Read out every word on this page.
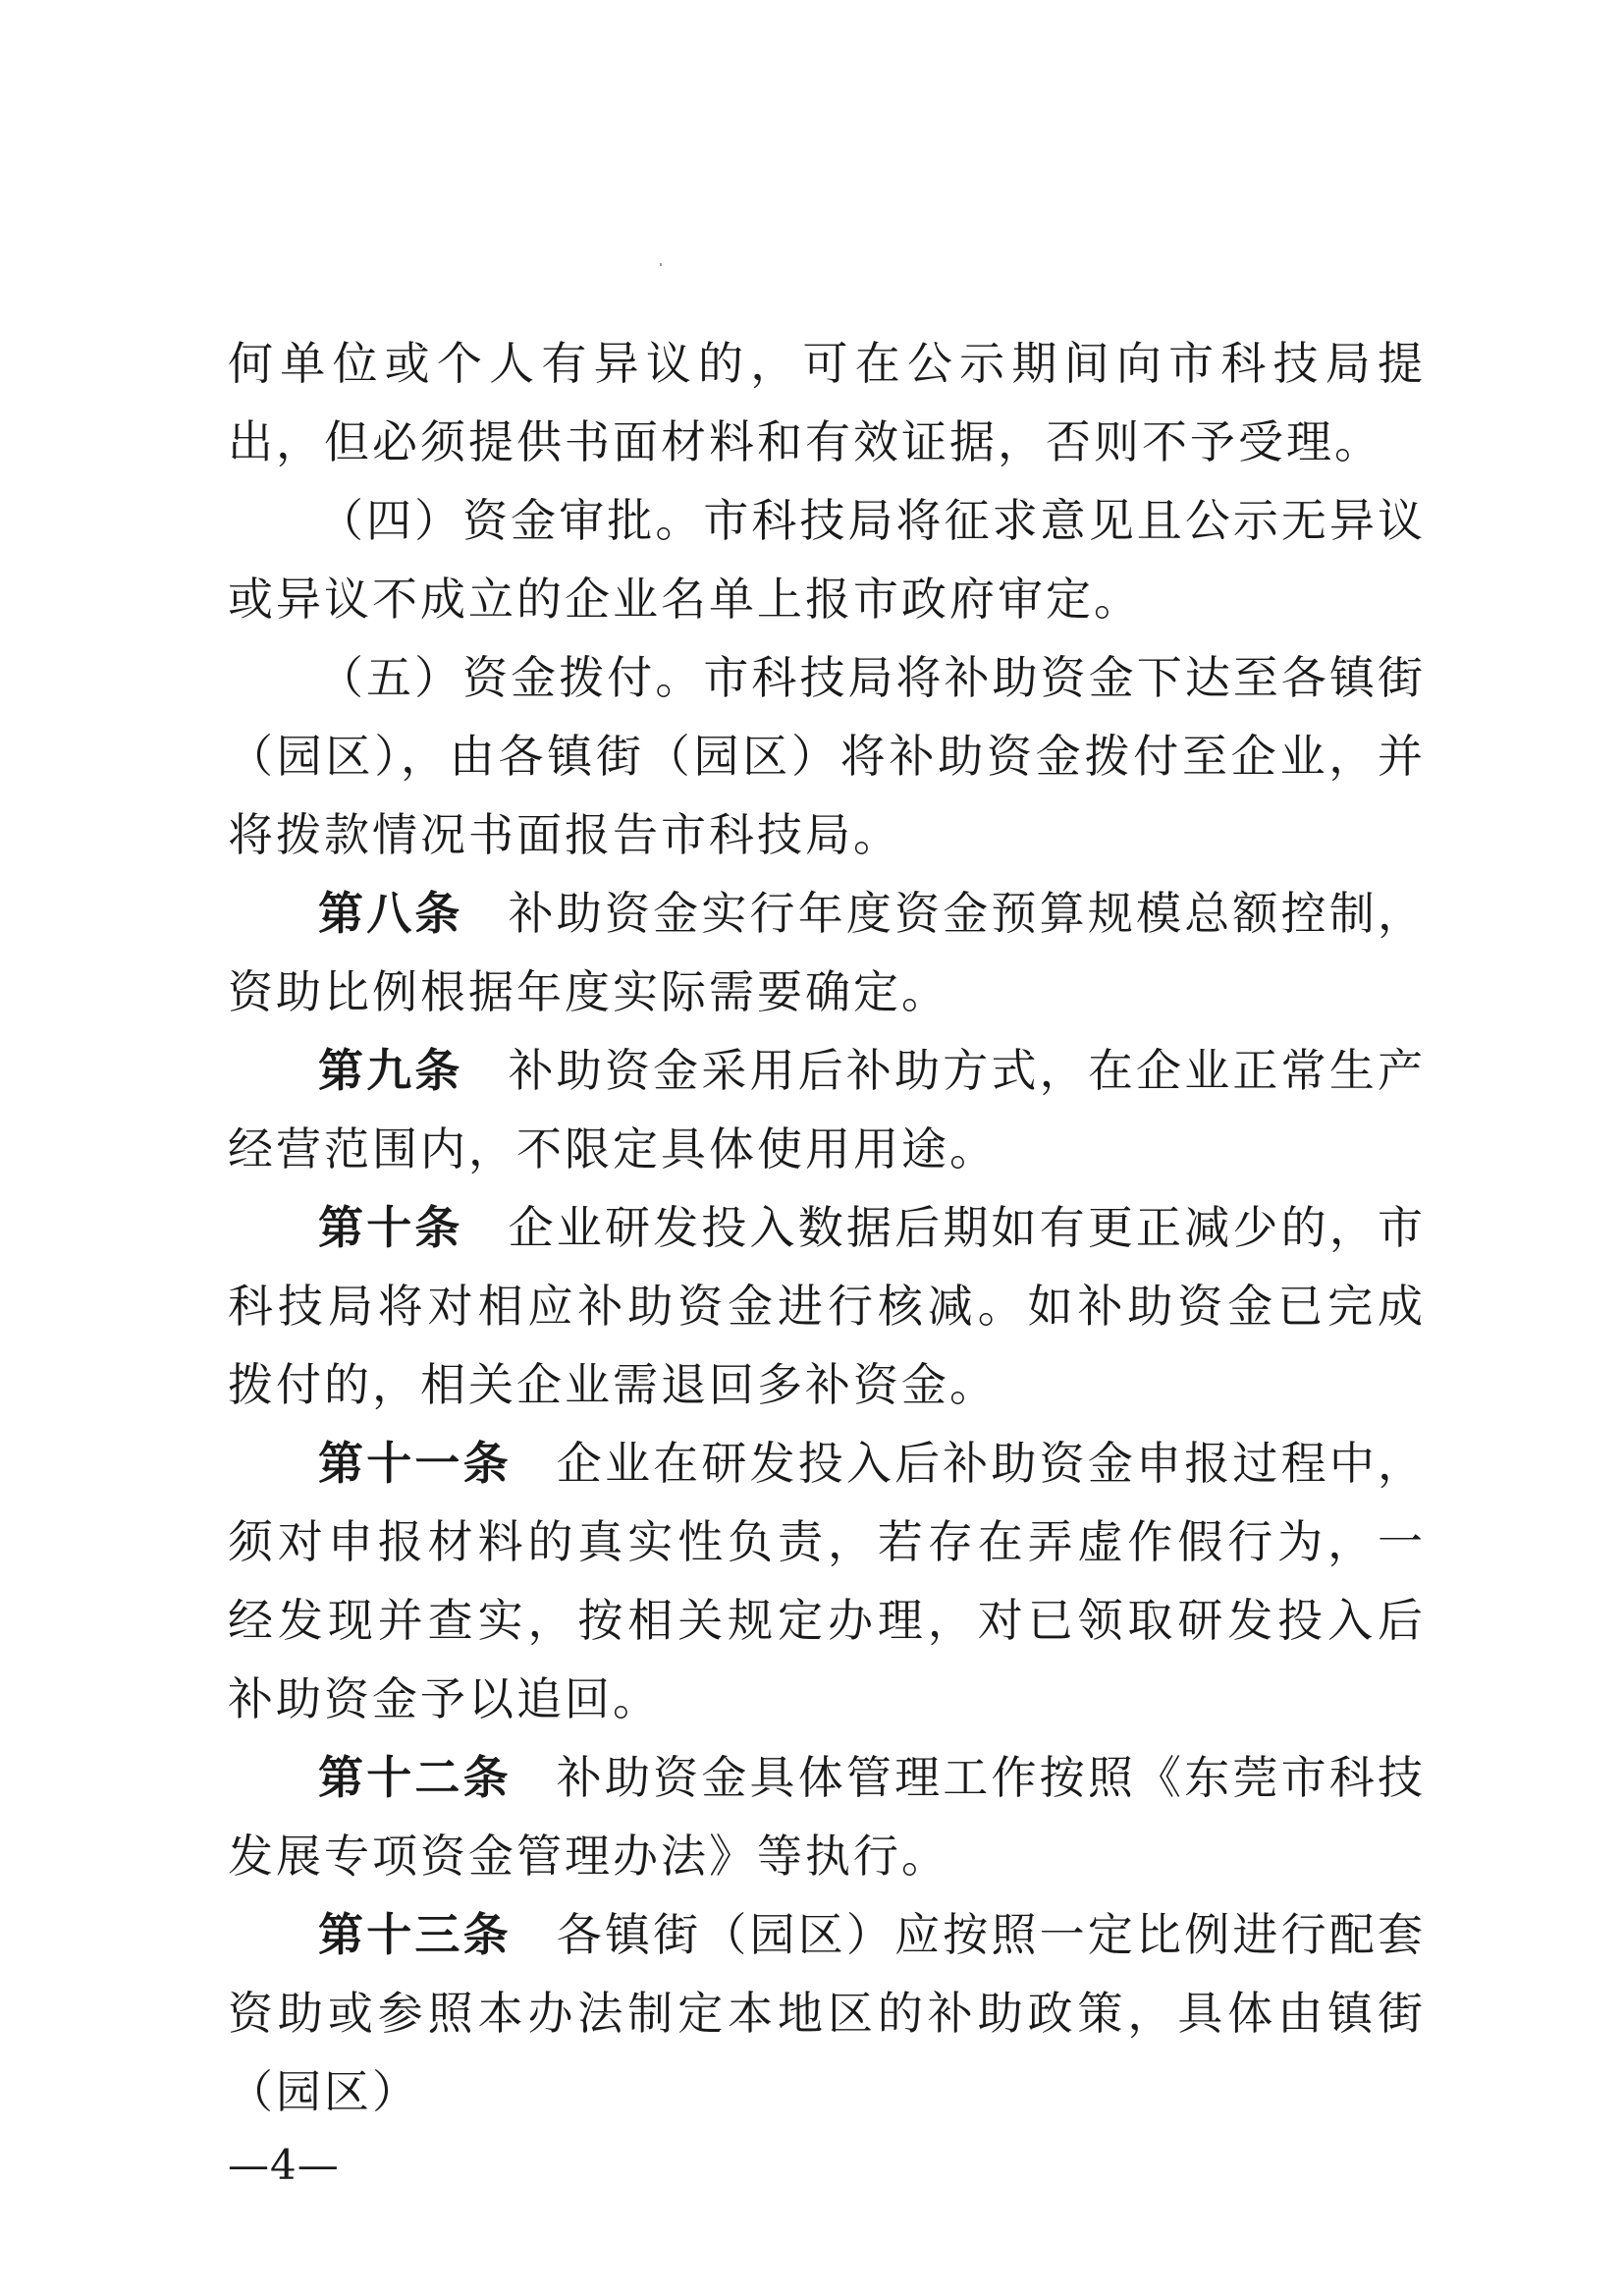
何单位或个人有异议的，可在公示期间向市科技局提出，但必须提供书面材料和有效证据，否则不予受理。

（四）资金审批。市科技局将征求意见且公示无异议或异议不成立的企业名单上报市政府审定。

（五）资金拨付。市科技局将补助资金下达至各镇街（园区），由各镇街（园区）将补助资金拨付至企业，并将拨款情况书面报告市科技局。

第八条 补助资金实行年度资金预算规模总额控制，资助比例根据年度实际需要确定。

第九条 补助资金采用后补助方式，在企业正常生产经营范围内，不限定具体使用用途。

第十条 企业研发投入数据后期如有更正减少的，市科技局将对相应补助资金进行核减。如补助资金已完成拨付的，相关企业需退回多补资金。

第十一条 企业在研发投入后补助资金申报过程中，须对申报材料的真实性负责，若存在弄虚作假行为，一经发现并查实，按相关规定办理，对已领取研发投入后补助资金予以追回。

第十二条 补助资金具体管理工作按照《东莞市科技发展专项资金管理办法》等执行。

第十三条 各镇街（园区）应按照一定比例进行配套资助或参照本办法制定本地区的补助政策，具体由镇街（园区）

—4—
